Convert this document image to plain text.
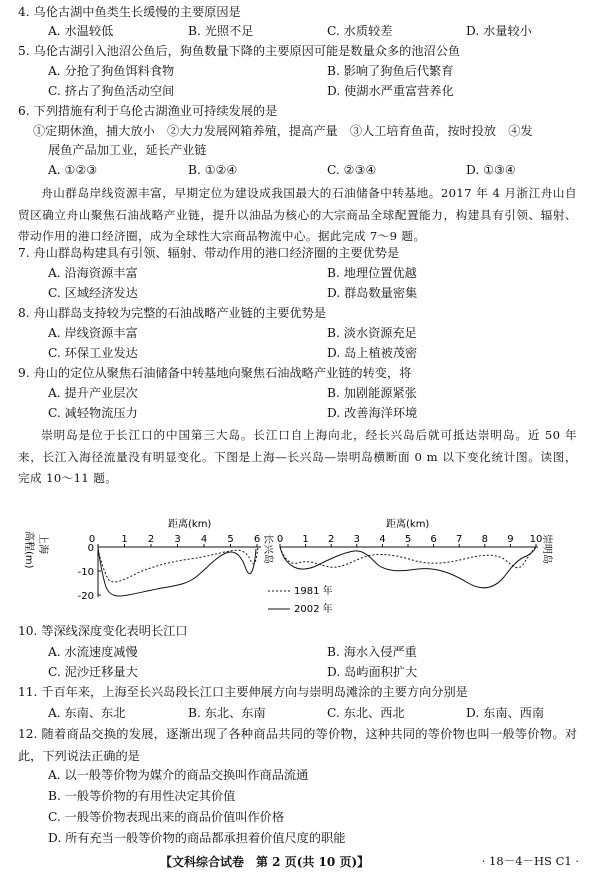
4. 乌伦古湖中鱼类生长缓慢的主要原因是
A. 水温较低	B. 光照不足	C. 水质较差	D. 水量较小
5. 乌伦古湖引入池沼公鱼后，狗鱼数量下降的主要原因可能是数量众多的池沼公鱼
A. 分抢了狗鱼饵料食物	B. 影响了狗鱼后代繁育
C. 挤占了狗鱼活动空间	D. 使湖水严重富营养化
6. 下列措施有利于乌伦古湖渔业可持续发展的是
①定期休渔，捕大放小　②大力发展网箱养殖，提高产量　③人工培育鱼苗，按时投放　④发
展鱼产品加工业，延长产业链
A. ①②③	B. ①②④	C. ②③④	D. ①③④
舟山群岛岸线资源丰富，早期定位为建设成我国最大的石油储备中转基地。2017 年 4 月浙江舟山自贸区确立舟山聚焦石油战略产业链，提升以油品为核心的大宗商品全球配置能力，构建具有引领、辐射、带动作用的港口经济圈，成为全球性大宗商品物流中心。据此完成 7～9 题。
7. 舟山群岛构建具有引领、辐射、带动作用的港口经济圈的主要优势是
A. 沿海资源丰富	B. 地理位置优越
C. 区域经济发达	D. 群岛数量密集
8. 舟山群岛支持较为完整的石油战略产业链的主要优势是
A. 岸线资源丰富	B. 淡水资源充足
C. 环保工业发达	D. 岛上植被茂密
9. 舟山的定位从聚焦石油储备中转基地向聚焦石油战略产业链的转变，将
A. 提升产业层次	B. 加剧能源紧张
C. 减轻物流压力	D. 改善海洋环境
崇明岛是位于长江口的中国第三大岛。长江口自上海向北，经长兴岛后就可抵达崇明岛。近 50 年来，长江入海径流量没有明显变化。下图是上海—长兴岛—崇明岛横断面 0 m 以下变化统计图。读图，完成 10～11 题。
高程(m) 上海	0
-10
-20
0	1 2 3 4 5 6
距离(km)
长兴岛 0 1 2 3 4 5 6 7 8 9 10
距离(km)
崇明岛
1981 年
2002 年
10. 等深线深度变化表明长江口
A. 水流速度减慢	B. 海水入侵严重
C. 泥沙迁移量大	D. 岛屿面积扩大
11. 千百年来，上海至长兴岛段长江口主要伸展方向与崇明岛滩涂的主要方向分别是
A. 东南、东北	B. 东北、东南	C. 东北、西北	D. 东南、西南
12. 随着商品交换的发展，逐渐出现了各种商品共同的等价物，这种共同的等价物也叫一般等价物。对此，下列说法正确的是
A. 以一般等价物为媒介的商品交换叫作商品流通
B. 一般等价物的有用性决定其价值
C. 一般等价物表现出来的商品价值叫作价格
D. 所有充当一般等价物的商品都承担着价值尺度的职能
【文科综合试卷　第 2 页(共 10 页)】	· 18－4－HS C1 ·
